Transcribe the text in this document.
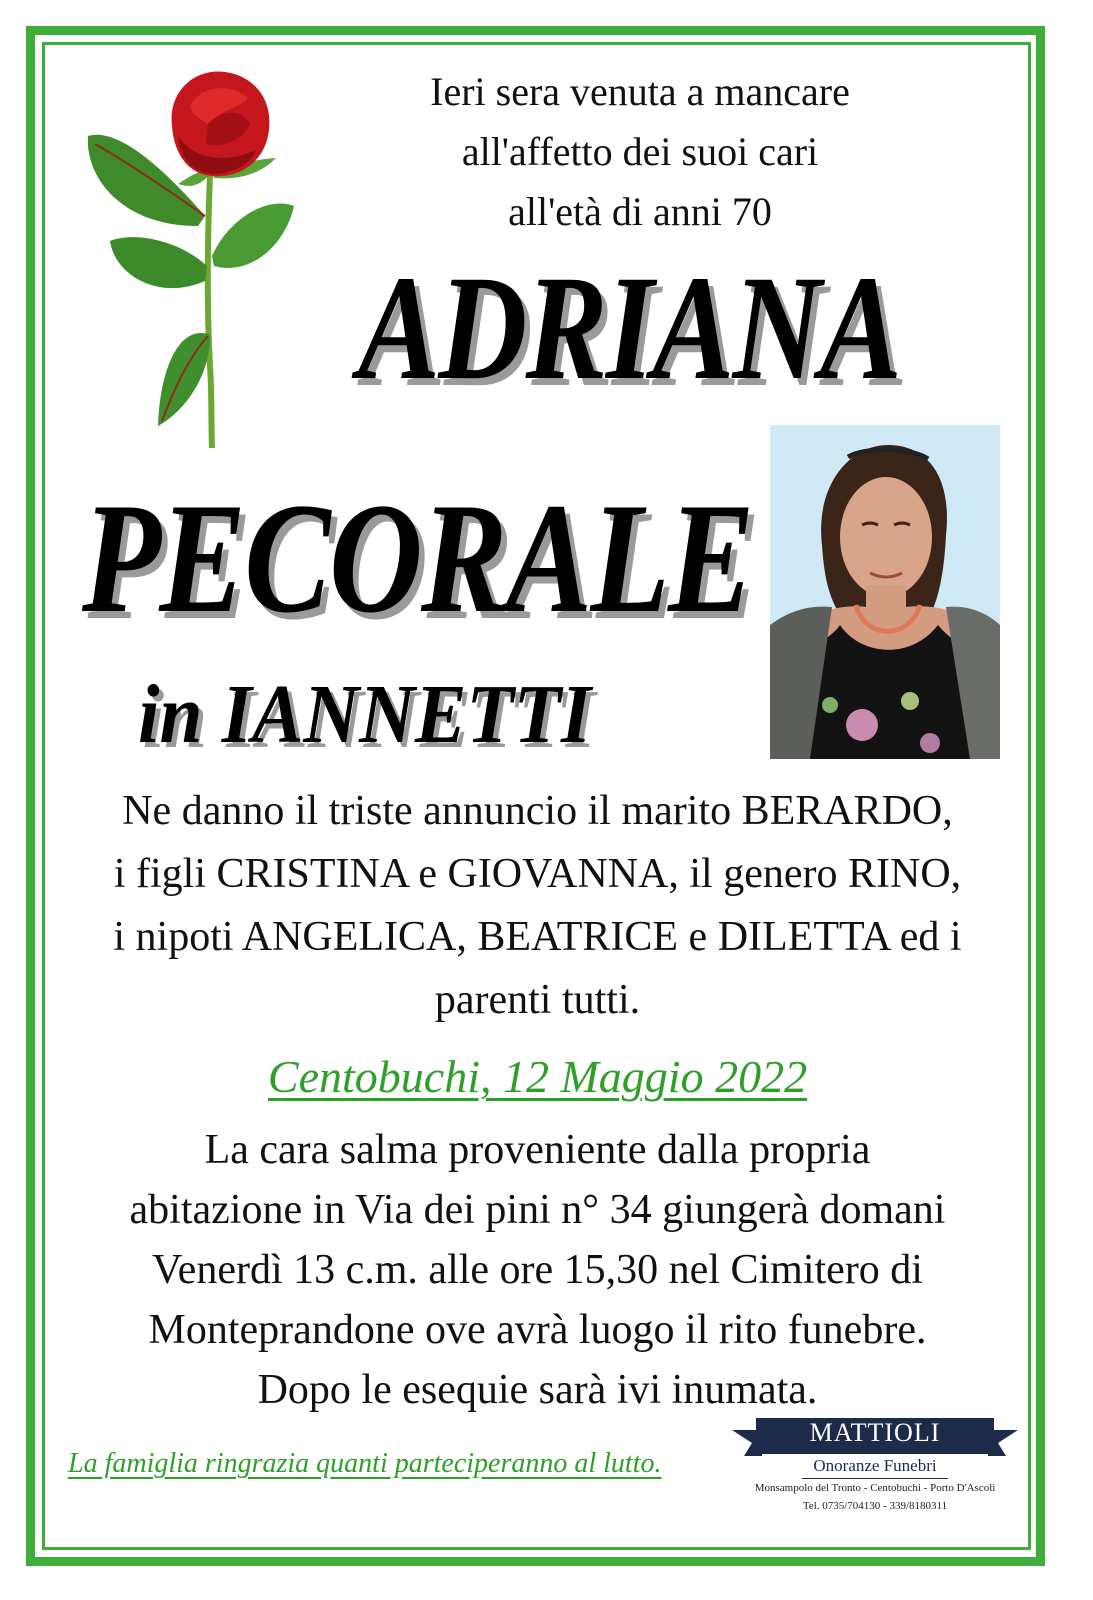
Ieri sera venuta a mancare
all'affetto dei suoi cari
all'età di anni 70
ADRIANA
PECORALE
in IANNETTI
Ne danno il triste annuncio il marito BERARDO,
i figli CRISTINA e GIOVANNA, il genero RINO,
i nipoti ANGELICA, BEATRICE e DILETTA ed i
parenti tutti.
Centobuchi, 12 Maggio 2022
La cara salma proveniente dalla propria
abitazione in Via dei pini n° 34 giungerà domani
Venerdì 13 c.m. alle ore 15,30 nel Cimitero di
Monteprandone ove avrà luogo il rito funebre.
Dopo le esequie sarà ivi inumata.
La famiglia ringrazia quanti parteciperanno al lutto.
MATTIOLI
Onoranze Funebri
Monsampolo del Tronto - Centobuchi - Porto D'Ascoli
Tel. 0735/704130 - 339/8180311
